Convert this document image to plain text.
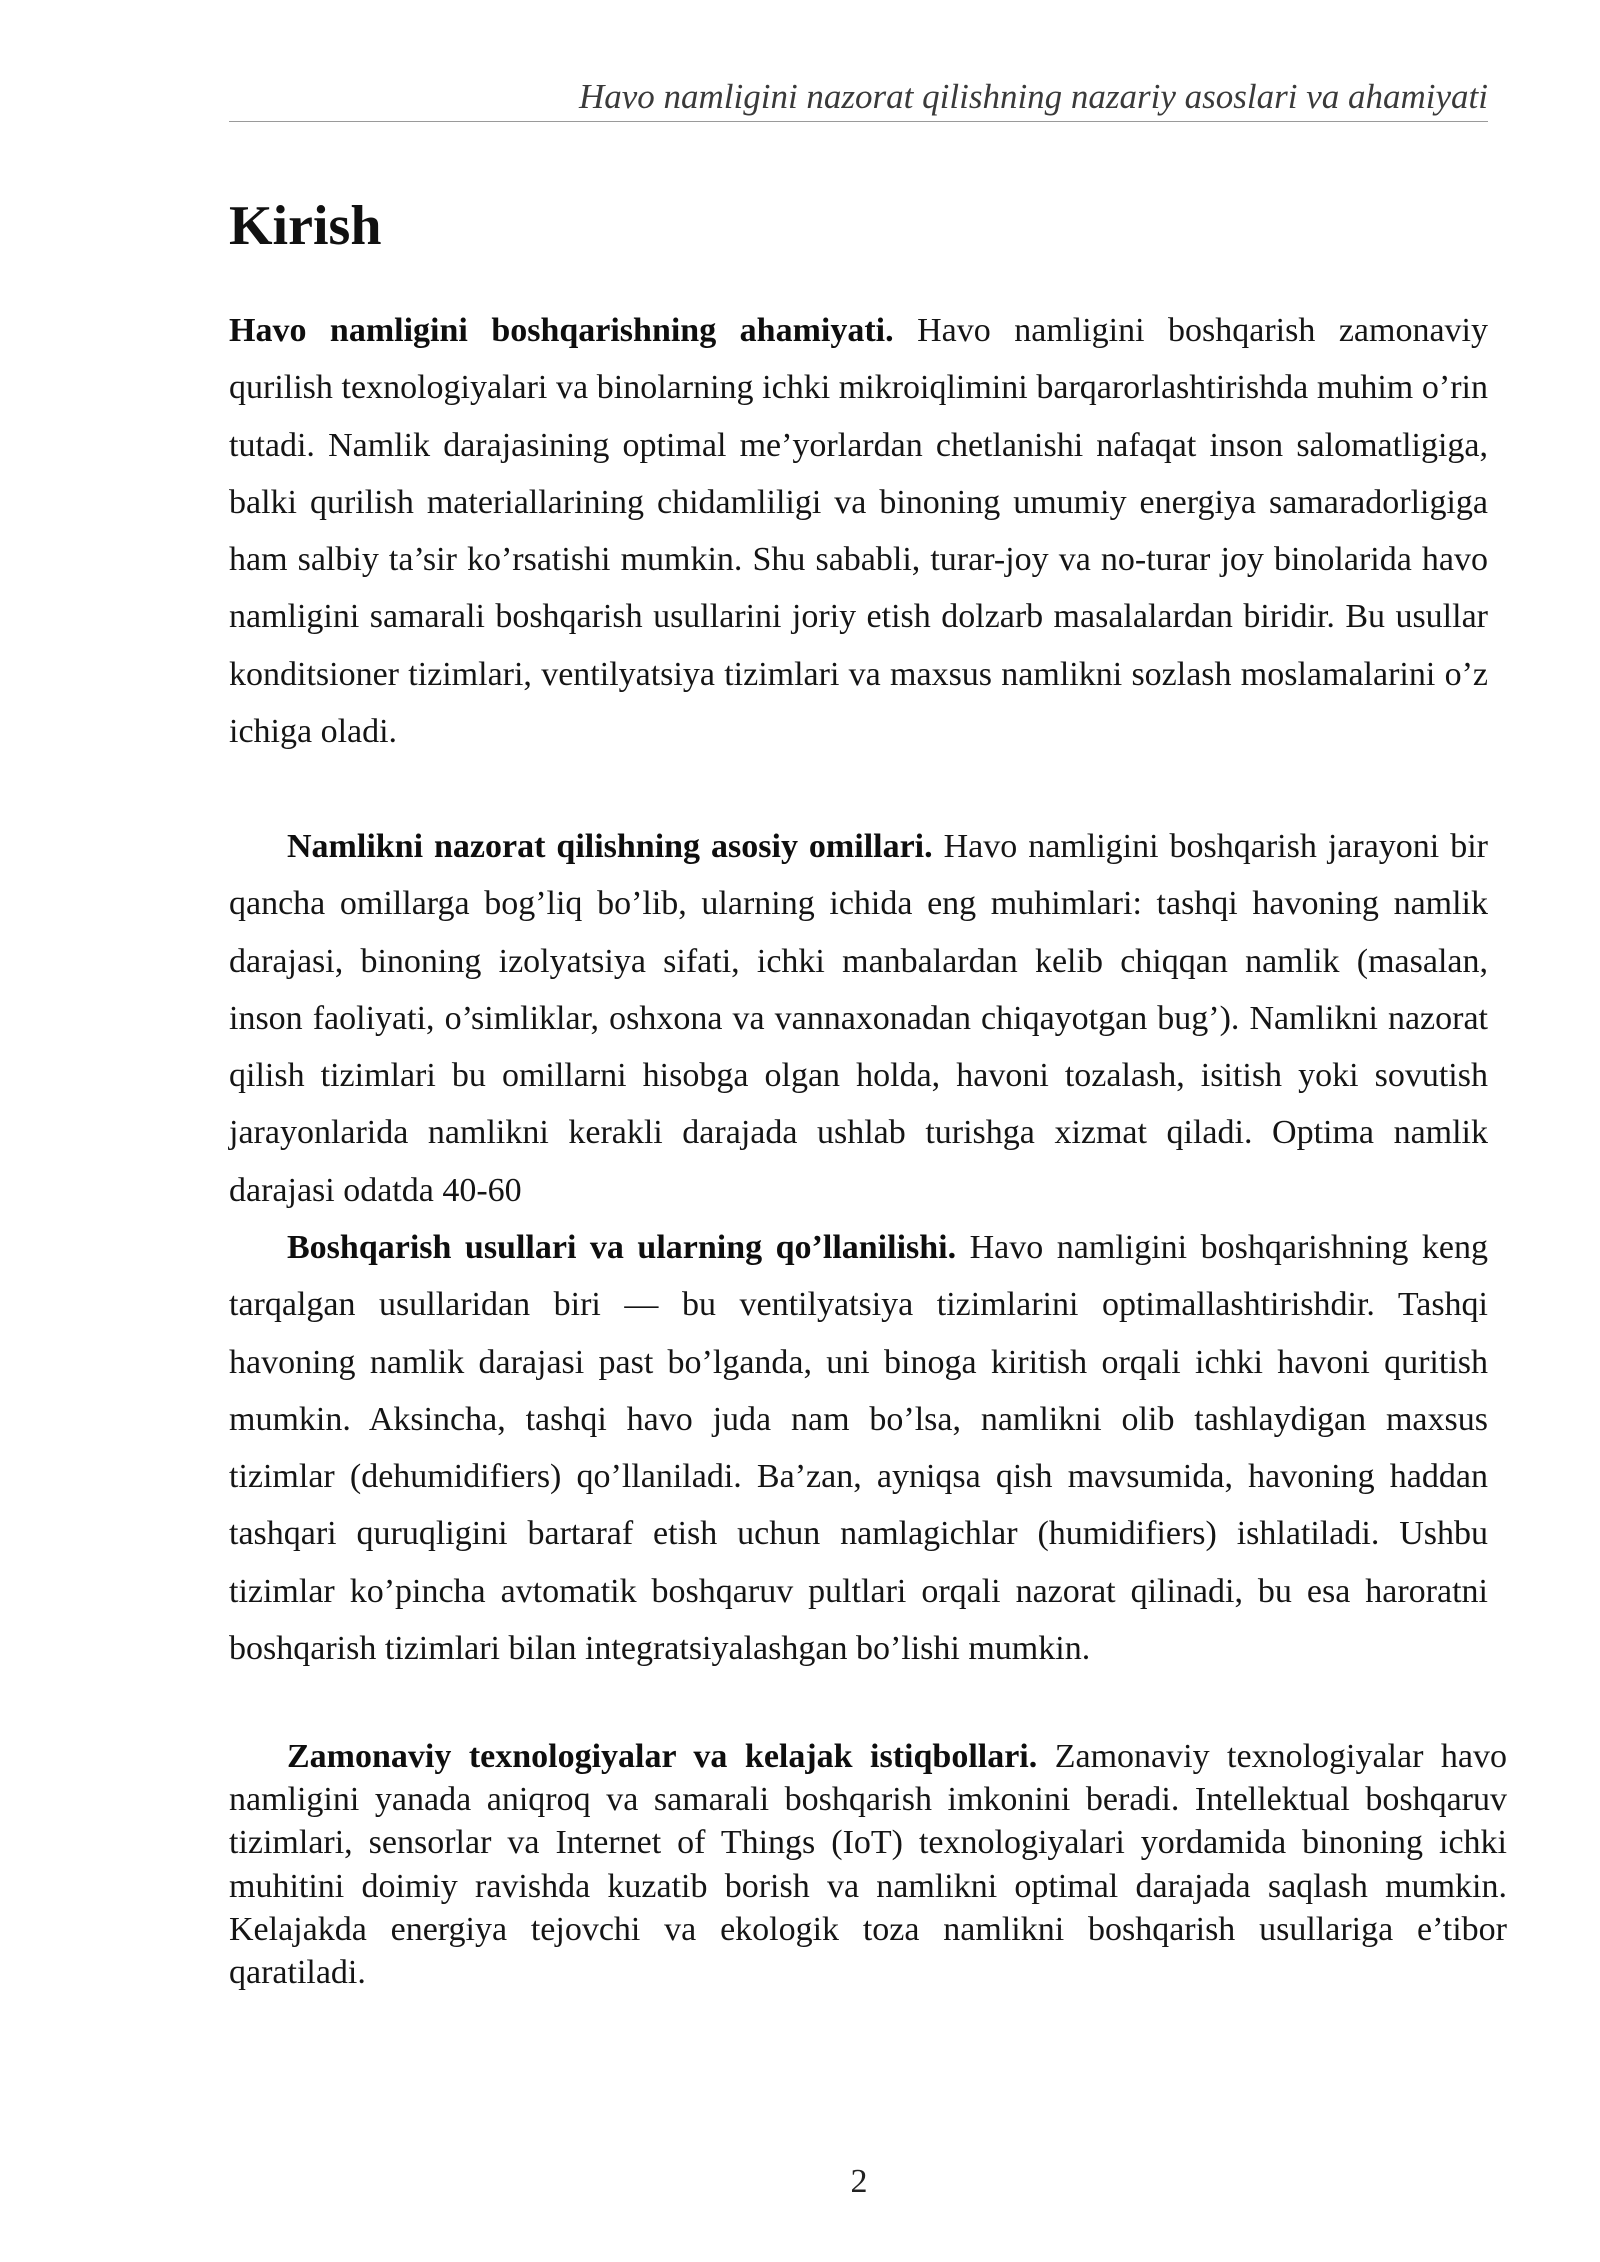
Havo namligini nazorat qilishning nazariy asoslari va ahamiyati
Kirish

Havo namligini boshqarishning ahamiyati. Havo namligini boshqarish zamonaviy qurilish texnologiyalari va binolarning ichki mikroiqlimini barqarorlashtirishda muhim o’rin tutadi. Namlik darajasining optimal me’yorlardan chetlanishi nafaqat inson salomatligiga, balki qurilish materiallarining chidamliligi va binoning umumiy energiya samaradorligiga ham salbiy ta’sir ko’rsatishi mumkin. Shu sababli, turar-joy va no-turar joy binolarida havo namligini samarali boshqarish usullarini joriy etish dolzarb masalalardan biridir. Bu usullar konditsioner tizimlari, ventilyatsiya tizimlari va maxsus namlikni sozlash moslamalarini o’z ichiga oladi.

Namlikni nazorat qilishning asosiy omillari. Havo namligini boshqarish jarayoni bir qancha omillarga bog’liq bo’lib, ularning ichida eng muhimlari: tashqi havoning namlik darajasi, binoning izolyatsiya sifati, ichki manbalardan kelib chiqqan namlik (masalan, inson faoliyati, o’simliklar, oshxona va vannaxonadan chiqayotgan bug’). Namlikni nazorat qilish tizimlari bu omillarni hisobga olgan holda, havoni tozalash, isitish yoki sovutish jarayonlarida namlikni kerakli darajada ushlab turishga xizmat qiladi. Optima namlik darajasi odatda 40-60

Boshqarish usullari va ularning qo’llanilishi. Havo namligini boshqarishning keng tarqalgan usullaridan biri — bu ventilyatsiya tizimlarini optimallashtirishdir. Tashqi havoning namlik darajasi past bo’lganda, uni binoga kiritish orqali ichki havoni quritish mumkin. Aksincha, tashqi havo juda nam bo’lsa, namlikni olib tashlaydigan maxsus tizimlar (dehumidifiers) qo’llaniladi. Ba’zan, ayniqsa qish mavsumida, havoning haddan tashqari quruqligini bartaraf etish uchun namlagichlar (humidifiers) ishlatiladi. Ushbu tizimlar ko’pincha avtomatik boshqaruv pultlari orqali nazorat qilinadi, bu esa haroratni boshqarish tizimlari bilan integratsiyalashgan bo’lishi mumkin.

Zamonaviy texnologiyalar va kelajak istiqbollari. Zamonaviy texnologiyalar havo namligini yanada aniqroq va samarali boshqarish imkonini beradi. Intellektual boshqaruv tizimlari, sensorlar va Internet of Things (IoT) texnologiyalari yordamida binoning ichki muhitini doimiy ravishda kuzatib borish va namlikni optimal darajada saqlash mumkin. Kelajakda energiya tejovchi va ekologik toza namlikni boshqarish usullariga e’tibor qaratiladi.

2
